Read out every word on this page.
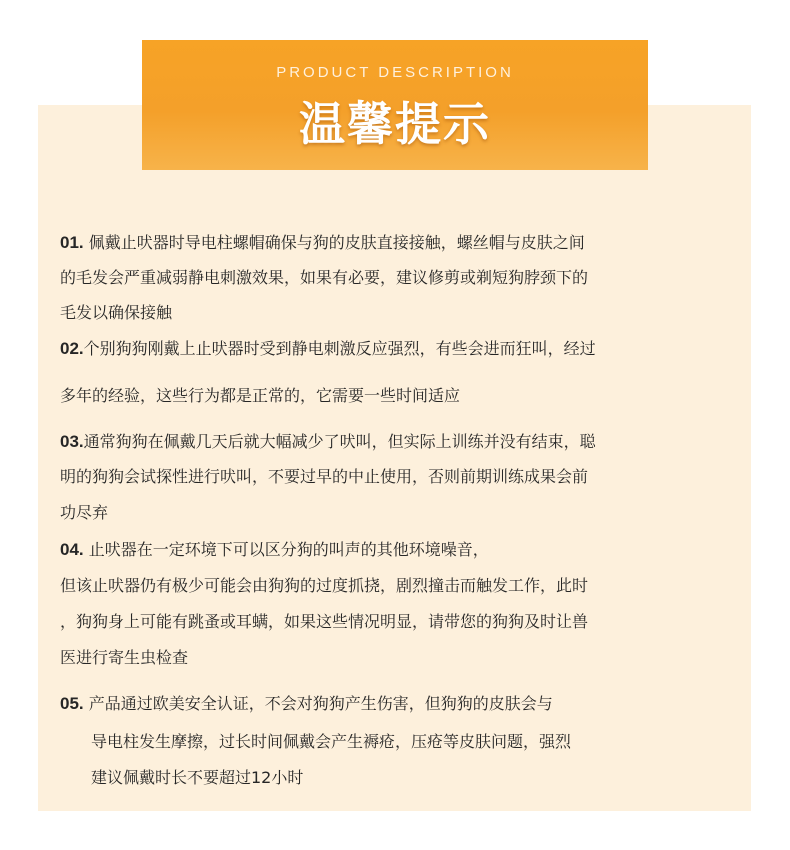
PRODUCT DESCRIPTION
温馨提示
01. 佩戴止吠器时导电柱螺帽确保与狗的皮肤直接接触，螺丝帽与皮肤之间
的毛发会严重减弱静电刺激效果，如果有必要，建议修剪或剃短狗脖颈下的
毛发以确保接触
02.个别狗狗刚戴上止吠器时受到静电刺激反应强烈，有些会进而狂叫，经过
多年的经验，这些行为都是正常的，它需要一些时间适应
03.通常狗狗在佩戴几天后就大幅减少了吠叫，但实际上训练并没有结束，聪
明的狗狗会试探性进行吠叫，不要过早的中止使用，否则前期训练成果会前
功尽弃
04. 止吠器在一定环境下可以区分狗的叫声的其他环境噪音，
但该止吠器仍有极少可能会由狗狗的过度抓挠，剧烈撞击而触发工作，此时
，狗狗身上可能有跳蚤或耳螨，如果这些情况明显，请带您的狗狗及时让兽
医进行寄生虫检查
05. 产品通过欧美安全认证，不会对狗狗产生伤害，但狗狗的皮肤会与
导电柱发生摩擦，过长时间佩戴会产生褥疮，压疮等皮肤问题，强烈
建议佩戴时长不要超过12小时
